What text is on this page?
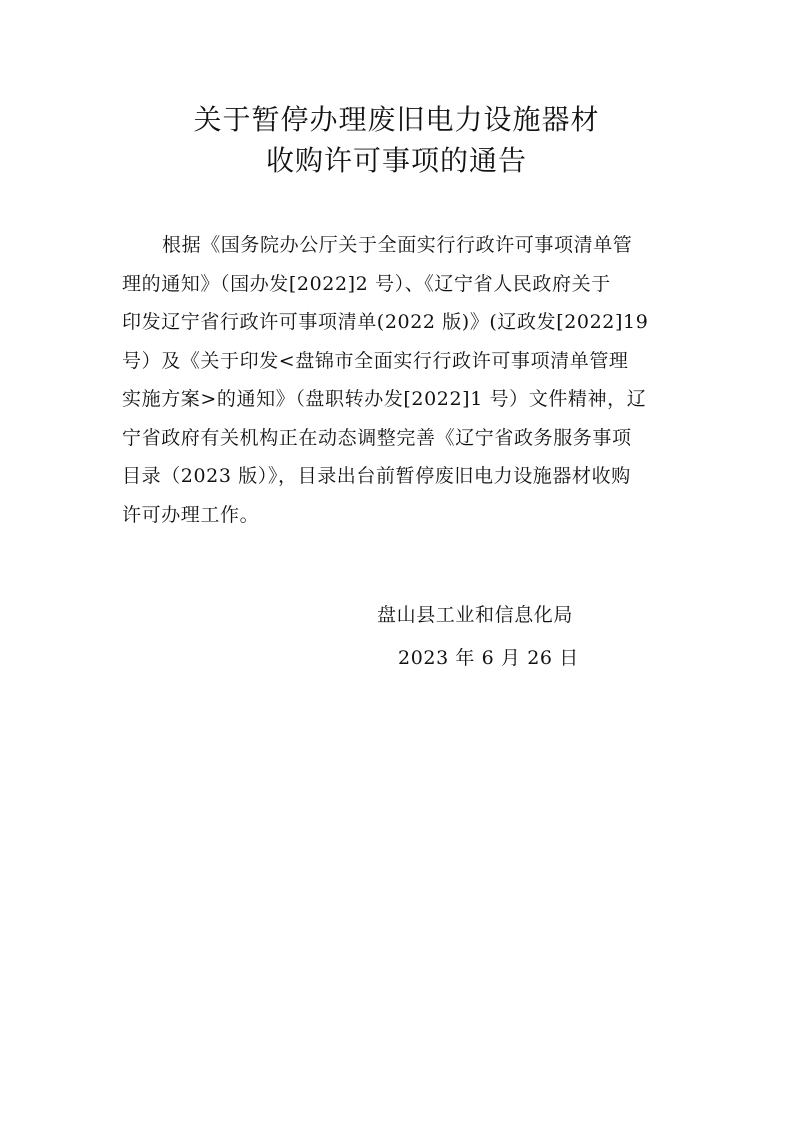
关于暂停办理废旧电力设施器材
收购许可事项的通告
根据《国务院办公厅关于全面实行行政许可事项清单管
理的通知》（国办发[2022]2 号）、《辽宁省人民政府关于
印发辽宁省行政许可事项清单(2022 版)》(辽政发[2022]19
号）及《关于印发<盘锦市全面实行行政许可事项清单管理
实施方案>的通知》（盘职转办发[2022]1 号）文件精神，辽
宁省政府有关机构正在动态调整完善《辽宁省政务服务事项
目录（2023 版）》，目录出台前暂停废旧电力设施器材收购
许可办理工作。
盘山县工业和信息化局
2023 年 6 月 26 日
